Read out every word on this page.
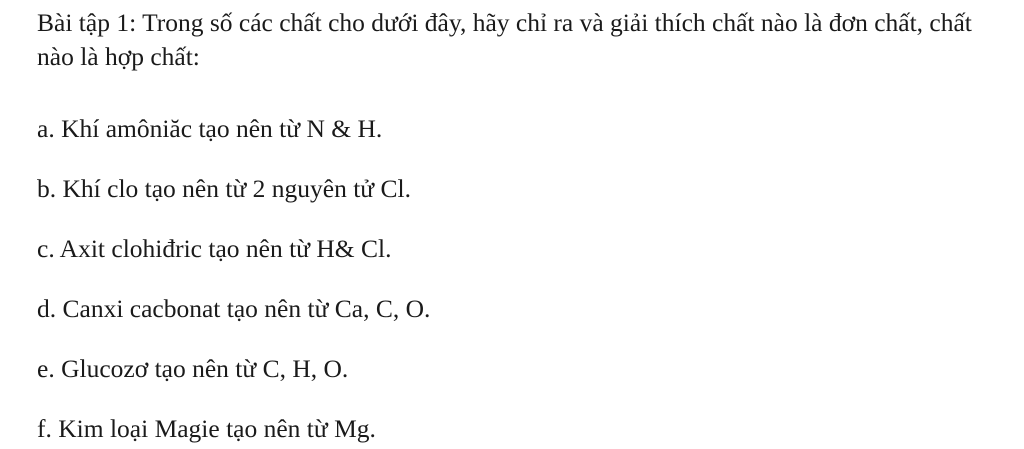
Bài tập 1: Trong số các chất cho dưới đây, hãy chỉ ra và giải thích chất nào là đơn chất, chất nào là hợp chất:

a. Khí amôniăc tạo nên từ N & H.

b. Khí clo tạo nên từ 2 nguyên tử Cl.

c. Axit clohiđric tạo nên từ H& Cl.

d. Canxi cacbonat tạo nên từ Ca, C, O.

e. Glucozơ tạo nên từ C, H, O.

f. Kim loại Magie tạo nên từ Mg.
